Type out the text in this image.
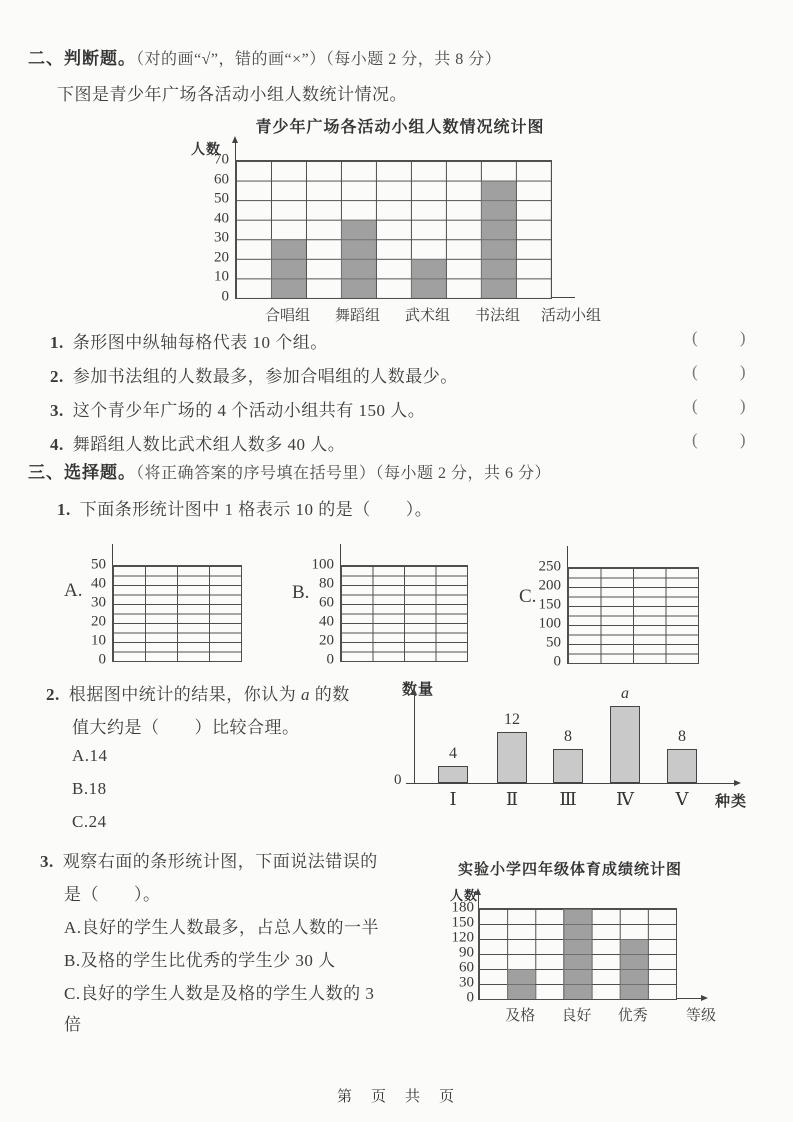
二、判断题。（对的画“√”，错的画“×”）（每小题 2 分，共 8 分）
下图是青少年广场各活动小组人数统计情况。
青少年广场各活动小组人数情况统计图
人数
0
10
20
30
40
50
60
70
合唱组 舞蹈组 武术组 书法组 活动小组
1. 条形图中纵轴每格代表 10 个组。	( )
2. 参加书法组的人数最多，参加合唱组的人数最少。	( )
3. 这个青少年广场的 4 个活动小组共有 150 人。	( )
4. 舞蹈组人数比武术组人数多 40 人。	( )
三、选择题。（将正确答案的序号填在括号里）（每小题 2 分，共 6 分）
1. 下面条形统计图中 1 格表示 10 的是（　　）。
A.
0
10
20
30
40
50
B.
0
20
40
60
80
100
C.
0
50
100
150
200
250
2. 根据图中统计的结果，你认为 a 的数
值大约是（　　）比较合理。
A.14
B.18
C.24
数量
0
种类
4
Ⅰ
12
Ⅱ
8
Ⅲ
a
Ⅳ
8
Ⅴ
3. 观察右面的条形统计图，下面说法错误的
是（　　）。
A.良好的学生人数最多，占总人数的一半
B.及格的学生比优秀的学生少 30 人
C.良好的学生人数是及格的学生人数的 3
倍
实验小学四年级体育成绩统计图
人数
0
30
60
90
120
150
180
及格 良好 优秀	等级
第　页　共　页
